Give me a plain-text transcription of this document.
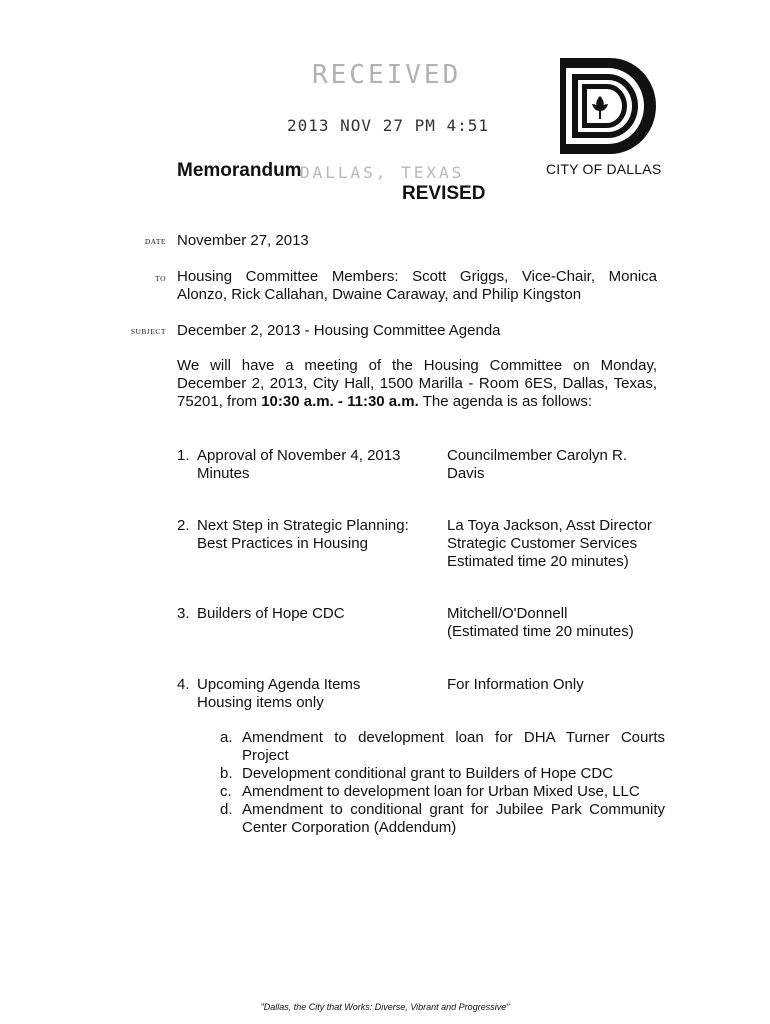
RECEIVED
2013 NOV 27 PM 4:51
DALLAS, TEXAS
Memorandum
REVISED
CITY OF DALLAS
DATE November 27, 2013
TO Housing Committee Members: Scott Griggs, Vice-Chair, Monica
Alonzo, Rick Callahan, Dwaine Caraway, and Philip Kingston
SUBJECT December 2, 2013 - Housing Committee Agenda
We will have a meeting of the Housing Committee on Monday,
December 2, 2013, City Hall, 1500 Marilla - Room 6ES, Dallas, Texas,
75201, from 10:30 a.m. - 11:30 a.m. The agenda is as follows:
1. Approval of November 4, 2013
Minutes
Councilmember Carolyn R.
Davis
2. Next Step in Strategic Planning:
Best Practices in Housing
La Toya Jackson, Asst Director
Strategic Customer Services
Estimated time 20 minutes)
3. Builders of Hope CDC	Mitchell/O'Donnell
(Estimated time 20 minutes)
4. Upcoming Agenda Items
Housing items only
For Information Only
a. Amendment to development loan for DHA Turner Courts
Project
b. Development conditional grant to Builders of Hope CDC
c. Amendment to development loan for Urban Mixed Use, LLC
d. Amendment to conditional grant for Jubilee Park Community
Center Corporation (Addendum)
"Dallas, the City that Works: Diverse, Vibrant and Progressive"
